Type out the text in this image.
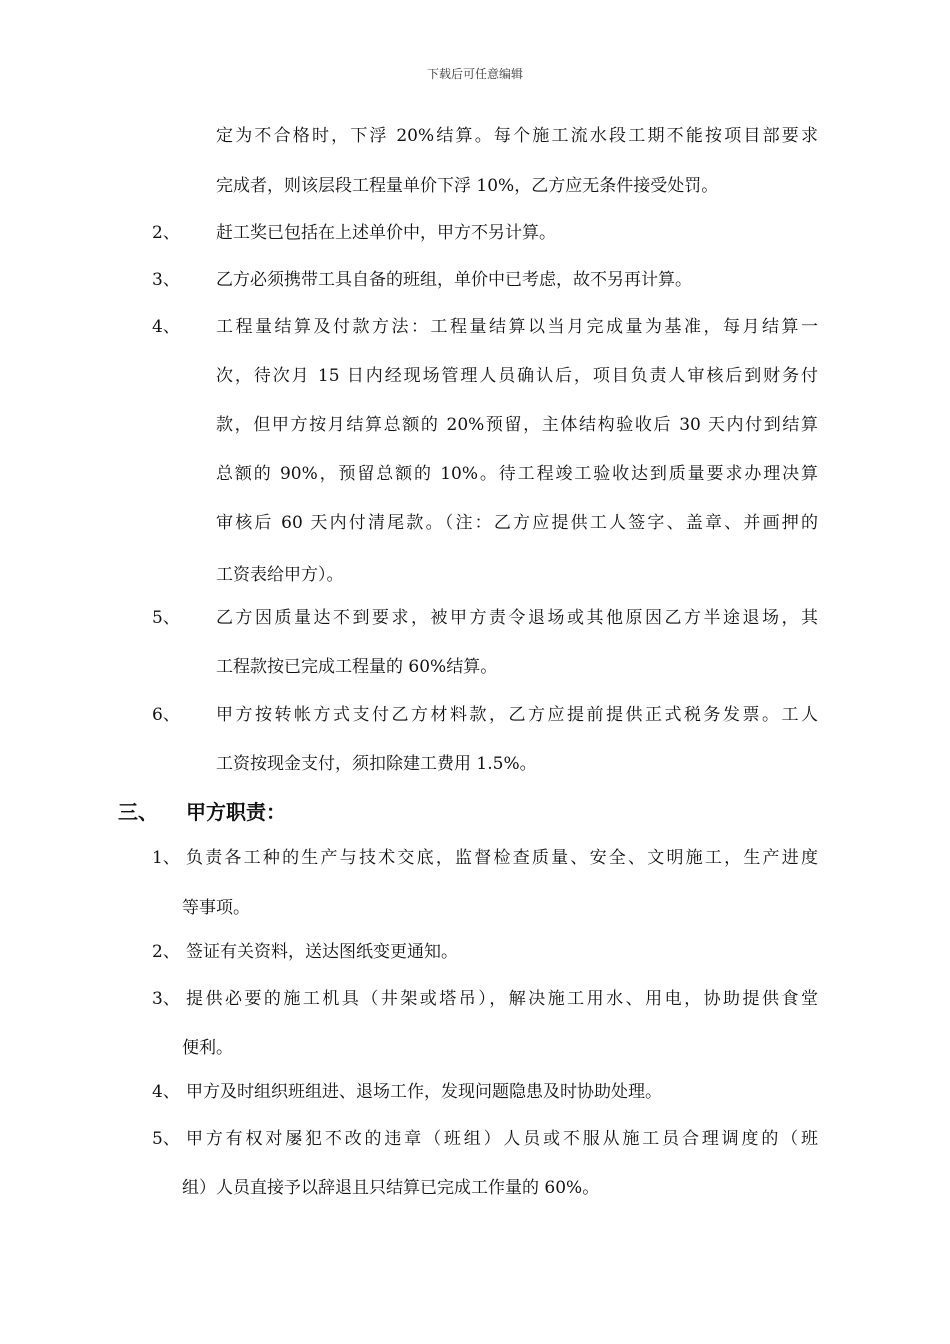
下载后可任意编辑
定为不合格时，下浮 20%结算。每个施工流水段工期不能按项目部要求
完成者，则该层段工程量单价下浮 10%，乙方应无条件接受处罚。
2、 赶工奖已包括在上述单价中，甲方不另计算。
3、 乙方必须携带工具自备的班组，单价中已考虑，故不另再计算。
4、 工程量结算及付款方法：工程量结算以当月完成量为基准，每月结算一
次，待次月 15 日内经现场管理人员确认后，项目负责人审核后到财务付
款，但甲方按月结算总额的 20%预留，主体结构验收后 30 天内付到结算
总额的 90%，预留总额的 10%。待工程竣工验收达到质量要求办理决算
审核后 60 天内付清尾款。（注：乙方应提供工人签字、盖章、并画押的
工资表给甲方）。
5、 乙方因质量达不到要求，被甲方责令退场或其他原因乙方半途退场，其
工程款按已完成工程量的 60%结算。
6、 甲方按转帐方式支付乙方材料款，乙方应提前提供正式税务发票。工人
工资按现金支付，须扣除建工费用 1.5%。
三、 甲方职责：
1、 负责各工种的生产与技术交底，监督检查质量、安全、文明施工，生产进度
等事项。
2、 签证有关资料，送达图纸变更通知。
3、 提供必要的施工机具（井架或塔吊），解决施工用水、用电，协助提供食堂
便利。
4、 甲方及时组织班组进、退场工作，发现问题隐患及时协助处理。
5、 甲方有权对屡犯不改的违章（班组）人员或不服从施工员合理调度的（班
组）人员直接予以辞退且只结算已完成工作量的 60%。
